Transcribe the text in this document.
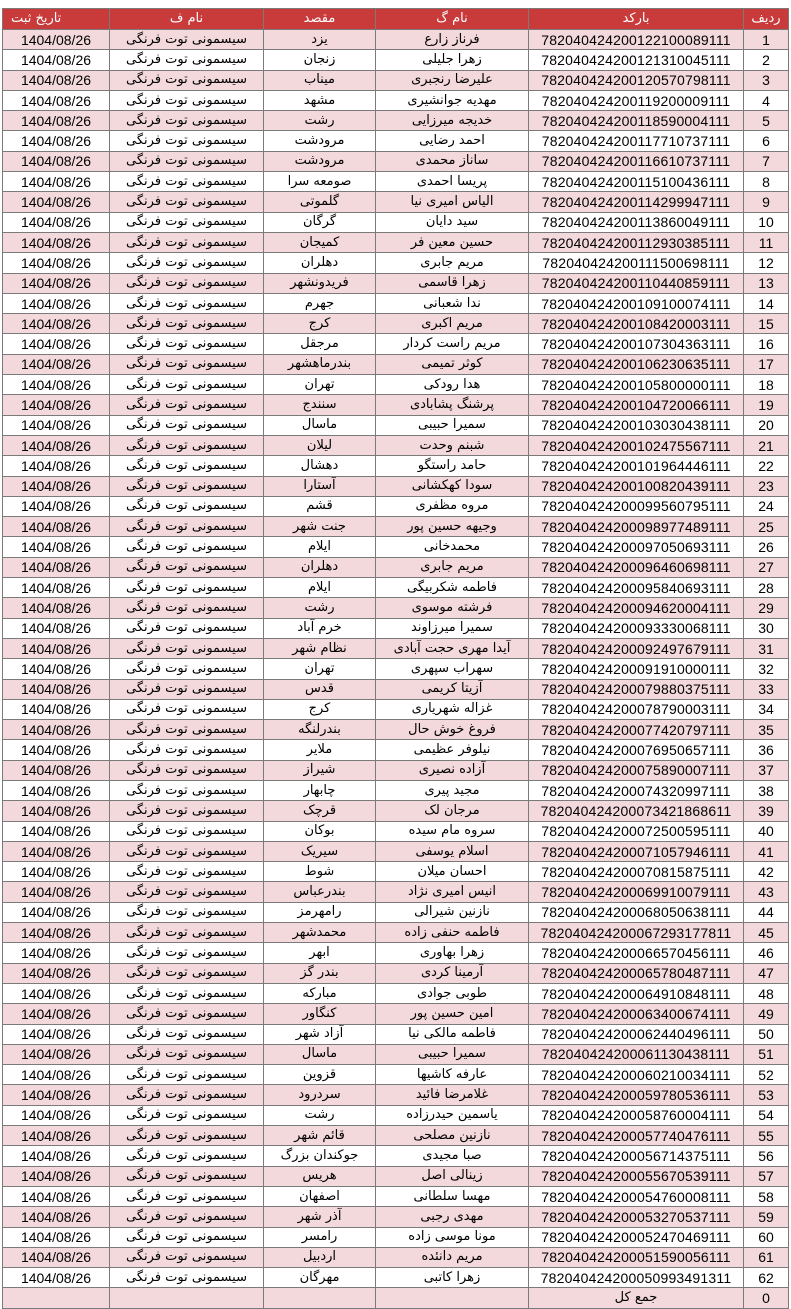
تاریخ ثبت	نام ف	مقصد	نام گ	بارکد	ردیف
1404/08/26	سیسمونی توت فرنگی	یزد	فرناز زارع	782040424200122100089111	1
1404/08/26	سیسمونی توت فرنگی	زنجان	زهرا جلیلی	782040424200121310045111	2
1404/08/26	سیسمونی توت فرنگی	میناب	علیرضا رنجبری	782040424200120570798111	3
1404/08/26	سیسمونی توت فرنگی	مشهد	مهدیه جوانشیری	782040424200119200009111	4
1404/08/26	سیسمونی توت فرنگی	رشت	خدیجه میرزایی	782040424200118590004111	5
1404/08/26	سیسمونی توت فرنگی	مرودشت	احمد رضایی	782040424200117710737111	6
1404/08/26	سیسمونی توت فرنگی	مرودشت	ساناز محمدی	782040424200116610737111	7
1404/08/26	سیسمونی توت فرنگی	صومعه سرا	پریسا احمدی	782040424200115100436111	8
1404/08/26	سیسمونی توت فرنگی	گلموتی	الیاس امیری نیا	782040424200114299947111	9
1404/08/26	سیسمونی توت فرنگی	گرگان	سید دایان	782040424200113860049111	10
1404/08/26	سیسمونی توت فرنگی	کمیجان	حسین معین فر	782040424200112930385111	11
1404/08/26	سیسمونی توت فرنگی	دهلران	مریم جابری	782040424200111500698111	12
1404/08/26	سیسمونی توت فرنگی	فریدونشهر	زهرا قاسمی	782040424200110440859111	13
1404/08/26	سیسمونی توت فرنگی	جهرم	ندا شعبانی	782040424200109100074111	14
1404/08/26	سیسمونی توت فرنگی	کرج	مریم اکبری	782040424200108420003111	15
1404/08/26	سیسمونی توت فرنگی	مرجقل	مریم راست کردار	782040424200107304363111	16
1404/08/26	سیسمونی توت فرنگی	بندرماهشهر	کوثر تمیمی	782040424200106230635111	17
1404/08/26	سیسمونی توت فرنگی	تهران	هدا رودکی	782040424200105800000111	18
1404/08/26	سیسمونی توت فرنگی	سنندج	پرشنگ پشابادی	782040424200104720066111	19
1404/08/26	سیسمونی توت فرنگی	ماسال	سمیرا حبیبی	782040424200103030438111	20
1404/08/26	سیسمونی توت فرنگی	لیلان	شبنم وحدت	782040424200102475567111	21
1404/08/26	سیسمونی توت فرنگی	دهشال	حامد راستگو	782040424200101964446111	22
1404/08/26	سیسمونی توت فرنگی	آستارا	سودا کهکشانی	782040424200100820439111	23
1404/08/26	سیسمونی توت فرنگی	قشم	مروه مظفری	782040424200099560795111	24
1404/08/26	سیسمونی توت فرنگی	جنت شهر	وجیهه حسین پور	782040424200098977489111	25
1404/08/26	سیسمونی توت فرنگی	ایلام	محمدخانی	782040424200097050693111	26
1404/08/26	سیسمونی توت فرنگی	دهلران	مریم جابری	782040424200096460698111	27
1404/08/26	سیسمونی توت فرنگی	ایلام	فاطمه شکربیگی	782040424200095840693111	28
1404/08/26	سیسمونی توت فرنگی	رشت	فرشته موسوی	782040424200094620004111	29
1404/08/26	سیسمونی توت فرنگی	خرم آباد	سمیرا میرزاوند	782040424200093330068111	30
1404/08/26	سیسمونی توت فرنگی	نظام شهر	آیدا مهری حجت آبادی	782040424200092497679111	31
1404/08/26	سیسمونی توت فرنگی	تهران	سهراب سپهری	782040424200091910000111	32
1404/08/26	سیسمونی توت فرنگی	قدس	آزیتا کریمی	782040424200079880375111	33
1404/08/26	سیسمونی توت فرنگی	کرج	غزاله شهریاری	782040424200078790003111	34
1404/08/26	سیسمونی توت فرنگی	بندرلنگه	فروغ خوش حال	782040424200077420797111	35
1404/08/26	سیسمونی توت فرنگی	ملایر	نیلوفر عظیمی	782040424200076950657111	36
1404/08/26	سیسمونی توت فرنگی	شیراز	آزاده نصیری	782040424200075890007111	37
1404/08/26	سیسمونی توت فرنگی	چابهار	مجید پیری	782040424200074320997111	38
1404/08/26	سیسمونی توت فرنگی	قرچک	مرجان لک	782040424200073421868611	39
1404/08/26	سیسمونی توت فرنگی	بوکان	سروه مام سیده	782040424200072500595111	40
1404/08/26	سیسمونی توت فرنگی	سیریک	اسلام یوسفی	782040424200071057946111	41
1404/08/26	سیسمونی توت فرنگی	شوط	احسان میلان	782040424200070815875111	42
1404/08/26	سیسمونی توت فرنگی	بندرعباس	انیس امیری نژاد	782040424200069910079111	43
1404/08/26	سیسمونی توت فرنگی	رامهرمز	نازنین شیرالی	782040424200068050638111	44
1404/08/26	سیسمونی توت فرنگی	محمدشهر	فاطمه حنفی زاده	782040424200067293177811	45
1404/08/26	سیسمونی توت فرنگی	ابهر	زهرا بهاوری	782040424200066570456111	46
1404/08/26	سیسمونی توت فرنگی	بندر گز	آرمینا کردی	782040424200065780487111	47
1404/08/26	سیسمونی توت فرنگی	مبارکه	طوبی جوادی	782040424200064910848111	48
1404/08/26	سیسمونی توت فرنگی	کنگاور	امین حسین پور	782040424200063400674111	49
1404/08/26	سیسمونی توت فرنگی	آزاد شهر	فاطمه مالکی نیا	782040424200062440496111	50
1404/08/26	سیسمونی توت فرنگی	ماسال	سمیرا حبیبی	782040424200061130438111	51
1404/08/26	سیسمونی توت فرنگی	قزوین	عارفه کاشیها	782040424200060210034111	52
1404/08/26	سیسمونی توت فرنگی	سردرود	غلامرضا فائید	782040424200059780536111	53
1404/08/26	سیسمونی توت فرنگی	رشت	یاسمین حیدرزاده	782040424200058760004111	54
1404/08/26	سیسمونی توت فرنگی	قائم شهر	نازنین مصلحی	782040424200057740476111	55
1404/08/26	سیسمونی توت فرنگی	جوکندان بزرگ	صبا مجیدی	782040424200056714375111	56
1404/08/26	سیسمونی توت فرنگی	هریس	زینالی اصل	782040424200055670539111	57
1404/08/26	سیسمونی توت فرنگی	اصفهان	مهسا سلطانی	782040424200054760008111	58
1404/08/26	سیسمونی توت فرنگی	آذر شهر	مهدی رجبی	782040424200053270537111	59
1404/08/26	سیسمونی توت فرنگی	رامسر	مونا موسی زاده	782040424200052470469111	60
1404/08/26	سیسمونی توت فرنگی	اردبیل	مریم دانئده	782040424200051590056111	61
1404/08/26	سیسمونی توت فرنگی	مهرگان	زهرا کاتبی	782040424200050993491311	62
				جمع کل	0
